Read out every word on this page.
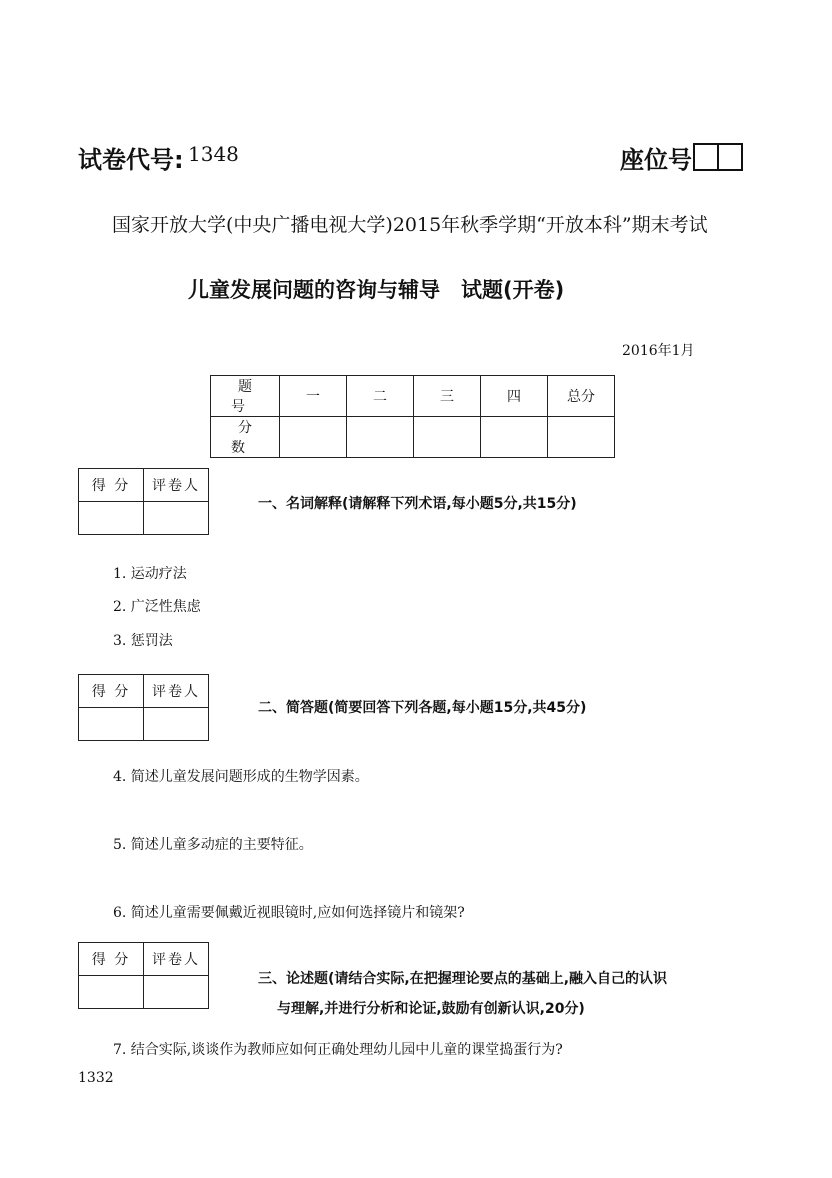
试卷代号: 1348	座位号
国家开放大学(中央广播电视大学)2015年秋季学期“开放本科”期末考试
儿童发展问题的咨询与辅导　试题(开卷)
2016年1月
题号	一	二	三	四	总分
分数					
得 分	评卷人

一、名词解释(请解释下列术语,每小题5分,共15分)
1. 运动疗法
2. 广泛性焦虑
3. 惩罚法
得 分	评卷人

二、简答题(简要回答下列各题,每小题15分,共45分)
4. 简述儿童发展问题形成的生物学因素。
5. 简述儿童多动症的主要特征。
6. 简述儿童需要佩戴近视眼镜时,应如何选择镜片和镜架?
得 分	评卷人

三、论述题(请结合实际,在把握理论要点的基础上,融入自己的认识
与理解,并进行分析和论证,鼓励有创新认识,20分)
7. 结合实际,谈谈作为教师应如何正确处理幼儿园中儿童的课堂捣蛋行为?
1332
